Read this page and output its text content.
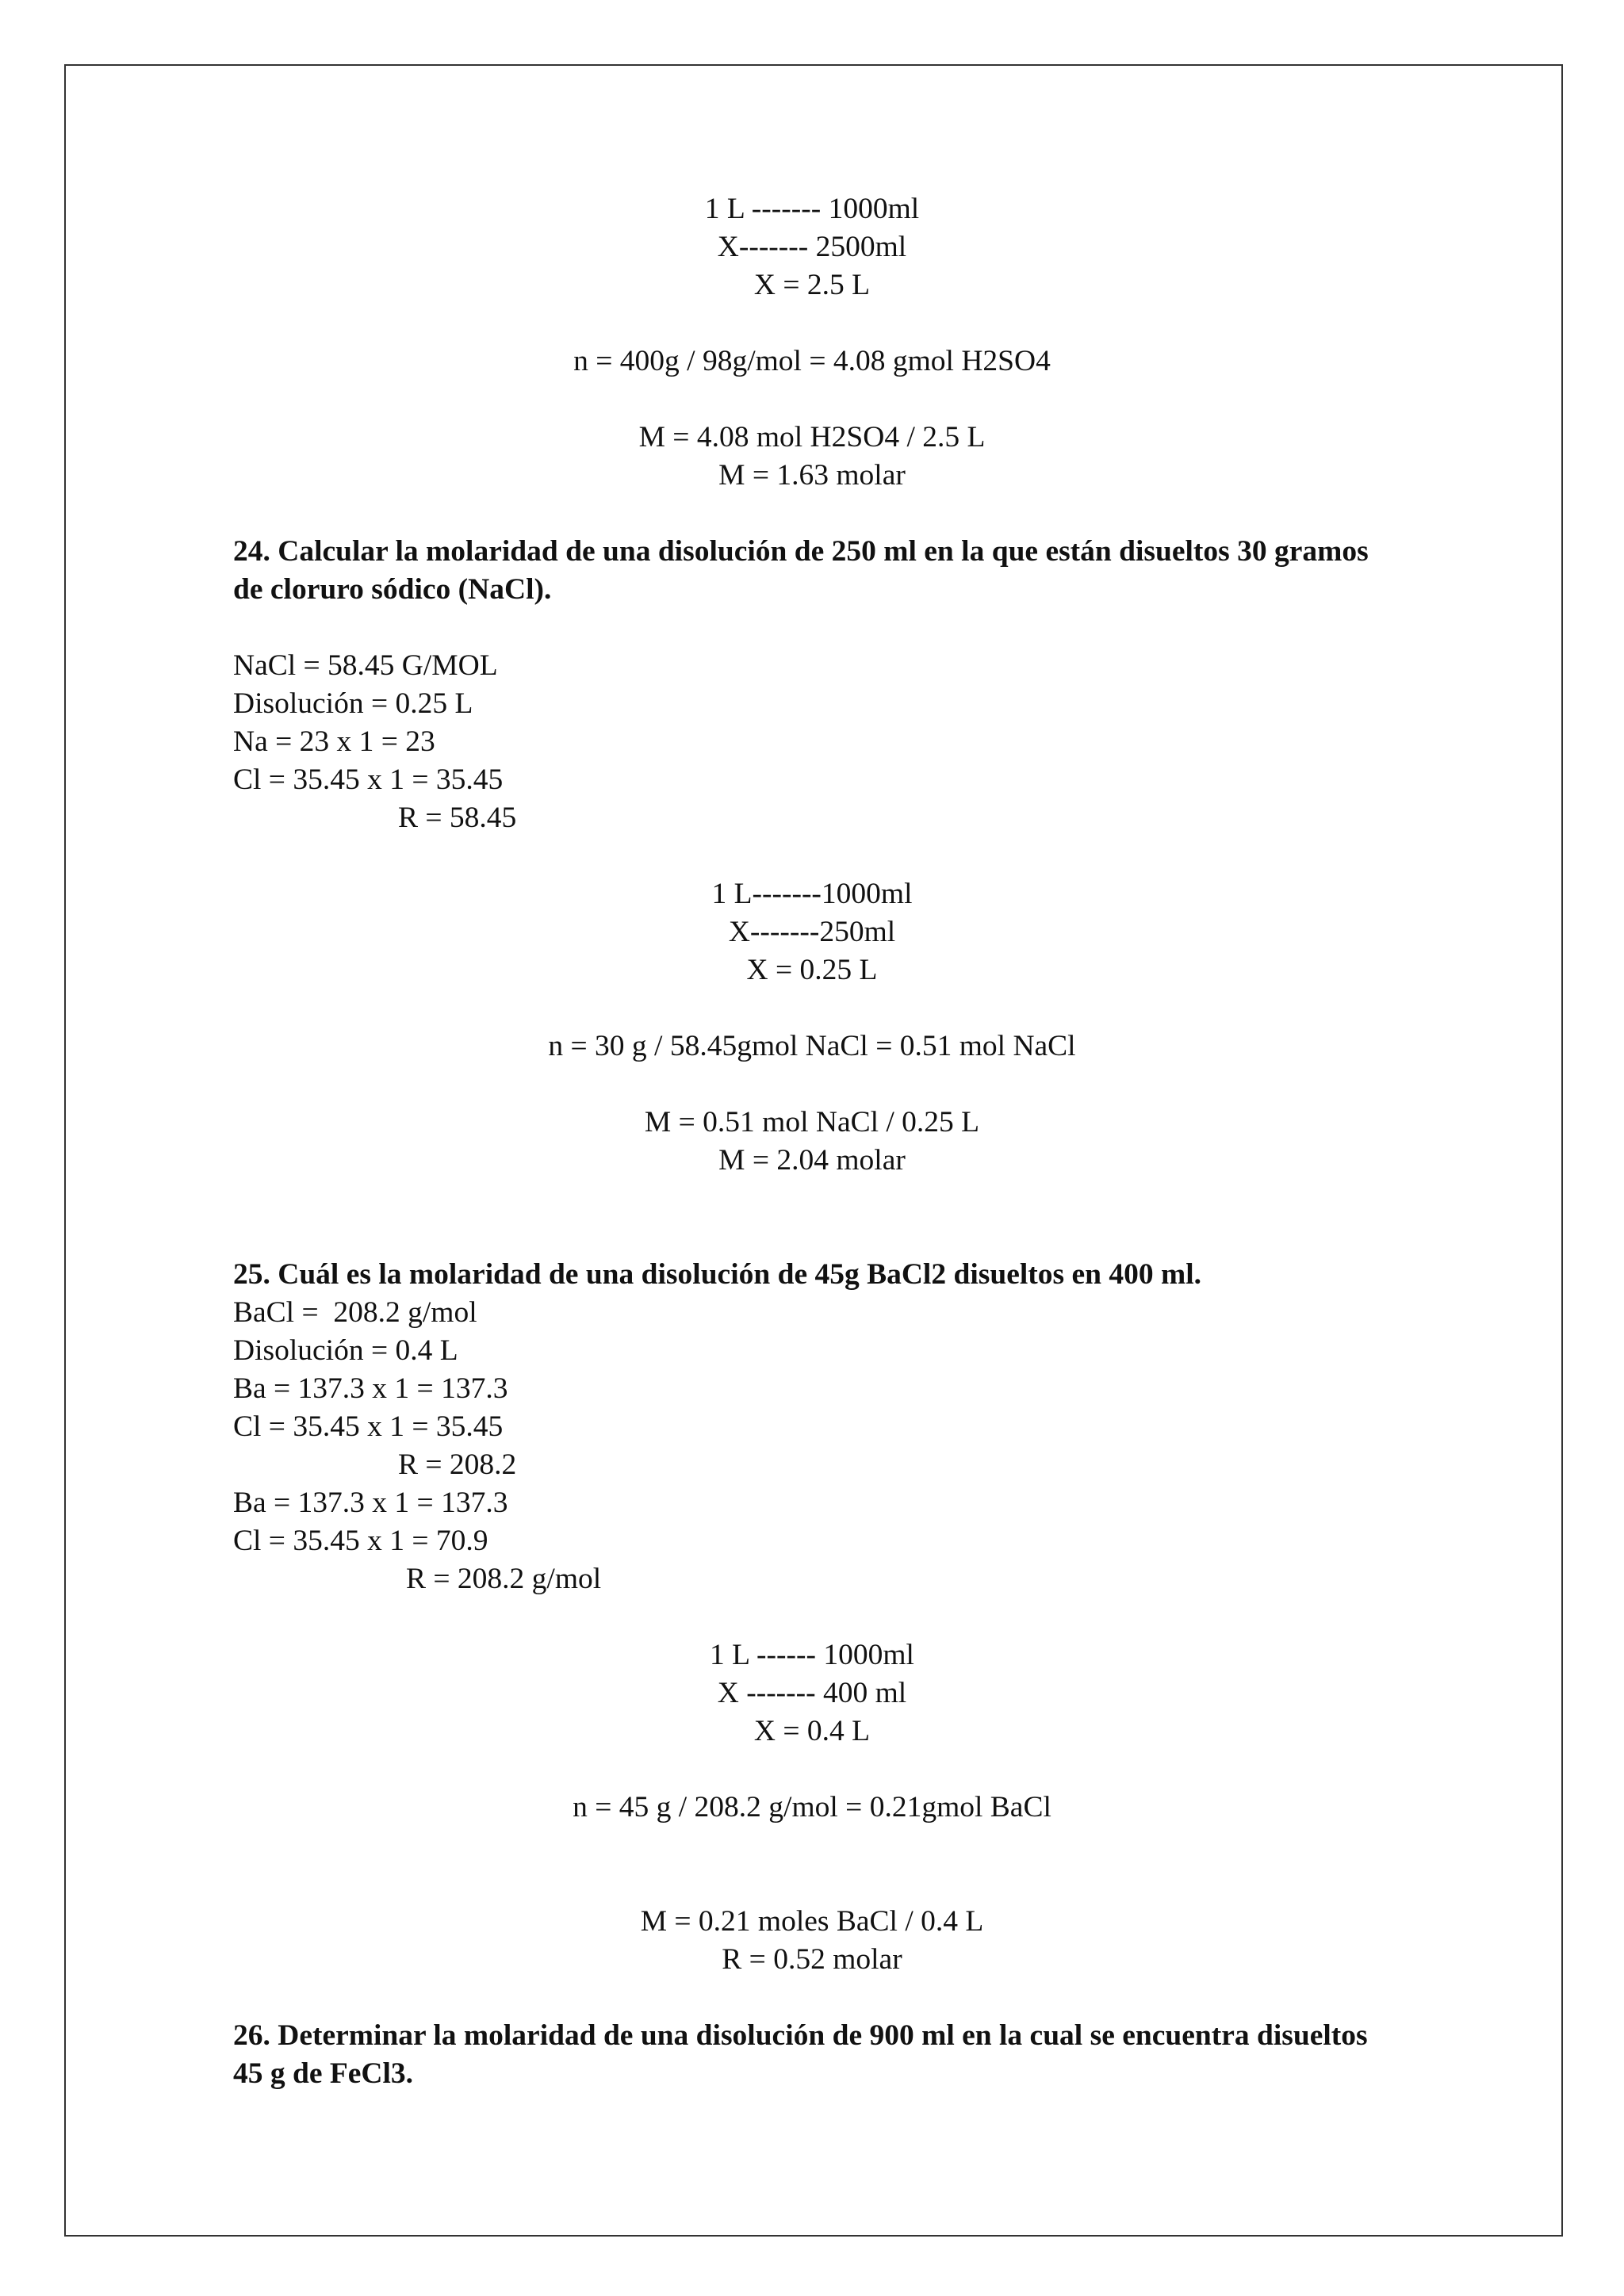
1 L ------- 1000ml
X------- 2500ml
X = 2.5 L
n = 400g / 98g/mol = 4.08 gmol H2SO4
M = 4.08 mol H2SO4 / 2.5 L
M = 1.63 molar
24. Calcular la molaridad de una disolución de 250 ml en la que están disueltos 30 gramos de cloruro sódico (NaCl).
NaCl = 58.45 G/MOL
Disolución = 0.25 L
Na = 23 x 1 = 23
Cl = 35.45 x 1 = 35.45
R = 58.45
1 L-------1000ml
X-------250ml
X = 0.25 L
n = 30 g / 58.45gmol NaCl = 0.51 mol NaCl
M = 0.51 mol NaCl / 0.25 L
M = 2.04 molar
25. Cuál es la molaridad de una disolución de 45g BaCl2 disueltos en 400 ml.
BaCl =  208.2 g/mol
Disolución = 0.4 L
Ba = 137.3 x 1 = 137.3
Cl = 35.45 x 1 = 35.45
R = 208.2
Ba = 137.3 x 1 = 137.3
Cl = 35.45 x 1 = 70.9
R = 208.2 g/mol
1 L ------ 1000ml
X ------- 400 ml
X = 0.4 L
n = 45 g / 208.2 g/mol = 0.21gmol BaCl
M = 0.21 moles BaCl / 0.4 L
R = 0.52 molar
26. Determinar la molaridad de una disolución de 900 ml en la cual se encuentra disueltos 45 g de FeCl3.
